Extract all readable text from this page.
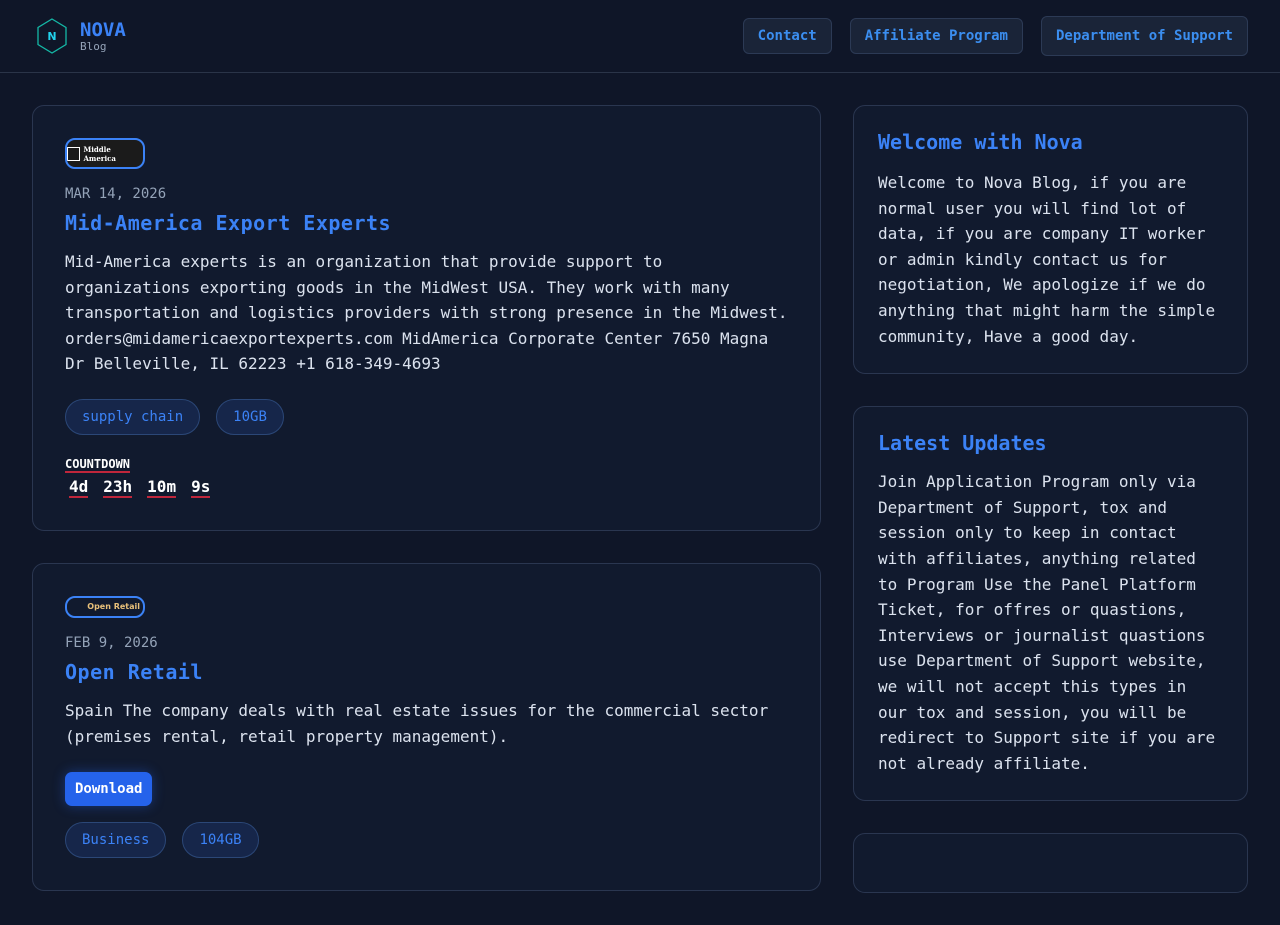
N NOVA
Blog
Contact	Affiliate Program	Department of Support
Middle America
MAR 14, 2026
Mid-America Export Experts
Mid-America experts is an organization that provide support to organizations exporting goods in the MidWest USA. They work with many transportation and logistics providers with strong presence in the Midwest. orders@midamericaexportexperts.com MidAmerica Corporate Center 7650 Magna Dr Belleville, IL 62223 +1 618-349-4693
supply chain	10GB
COUNTDOWN
4d 23h 10m 9s
Open Retail
FEB 9, 2026
Open Retail
Spain The company deals with real estate issues for the commercial sector (premises rental, retail property management).
Download
Business	104GB
Welcome with Nova
Welcome to Nova Blog, if you are normal user you will find lot of data, if you are company IT worker or admin kindly contact us for negotiation, We apologize if we do anything that might harm the simple community, Have a good day.
Latest Updates
Join Application Program only via Department of Support, tox and session only to keep in contact with affiliates, anything related to Program Use the Panel Platform Ticket, for offres or quastions, Interviews or journalist quastions use Department of Support website, we will not accept this types in our tox and session, you will be redirect to Support site if you are not already affiliate.
